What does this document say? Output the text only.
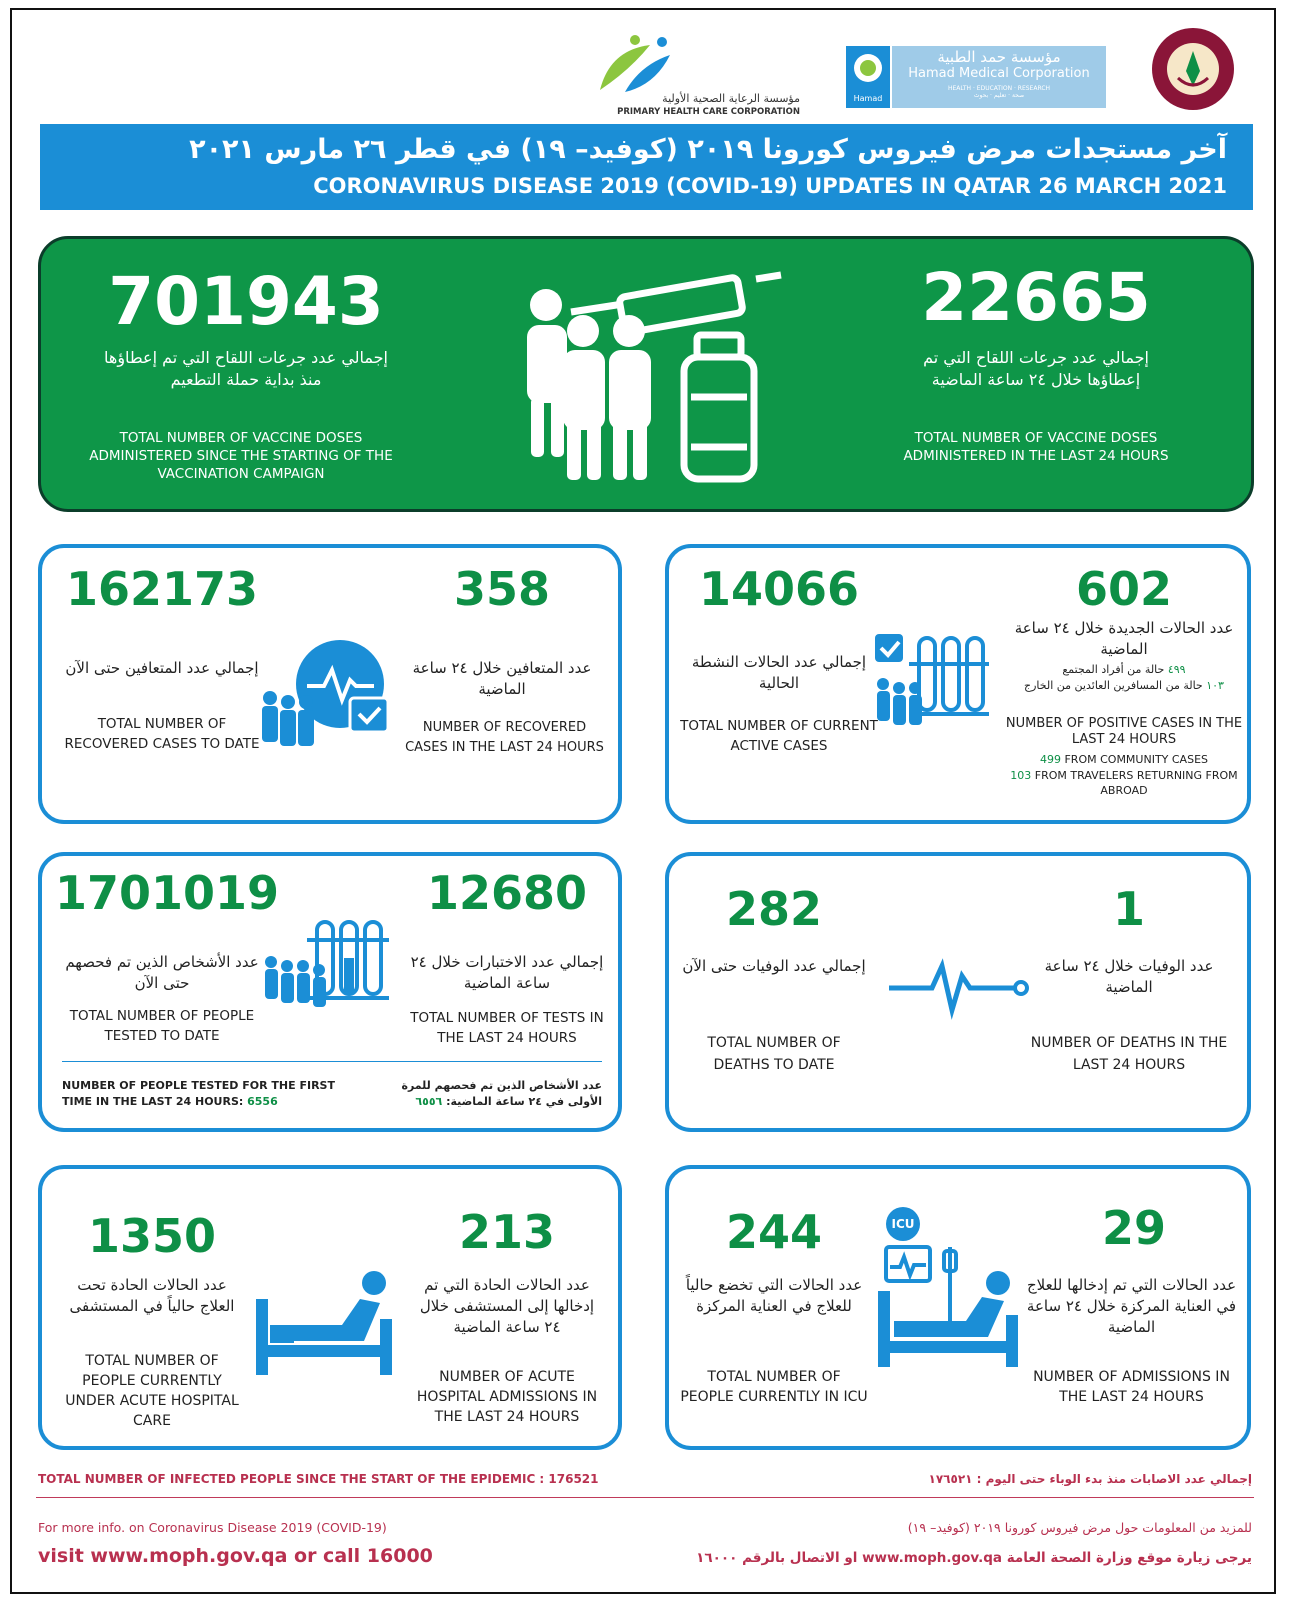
مؤسسة الرعاية الصحية الأولية
PRIMARY HEALTH CARE CORPORATION
Hamad
مؤسسة حمد الطبية
Hamad Medical Corporation
HEALTH · EDUCATION · RESEARCH
صحة · تعليم · بحوث
آخر مستجدات مرض فيروس كورونا ٢٠١٩ (كوفيد– ١٩) في قطر ٢٦ مارس ٢٠٢١
CORONAVIRUS DISEASE 2019 (COVID-19) UPDATES IN QATAR 26 MARCH 2021
701943
إجمالي عدد جرعات اللقاح التي تم إعطاؤها منذ بداية حملة التطعيم
TOTAL NUMBER OF VACCINE DOSES ADMINISTERED SINCE THE STARTING OF THE VACCINATION CAMPAIGN
22665
إجمالي عدد جرعات اللقاح التي تم إعطاؤها خلال ٢٤ ساعة الماضية
TOTAL NUMBER OF VACCINE DOSES ADMINISTERED IN THE LAST 24 HOURS
162173
إجمالي عدد المتعافين حتى الآن
TOTAL NUMBER OF RECOVERED CASES TO DATE
358
عدد المتعافين خلال ٢٤ ساعة الماضية
NUMBER OF RECOVERED CASES IN THE LAST 24 HOURS
14066
إجمالي عدد الحالات النشطة الحالية
TOTAL NUMBER OF CURRENT ACTIVE CASES
602
عدد الحالات الجديدة خلال ٢٤ ساعة الماضية
٤٩٩ حالة من أفراد المجتمع
١٠٣ حالة من المسافرين العائدين من الخارج
NUMBER OF POSITIVE CASES IN THE LAST 24 HOURS
499 FROM COMMUNITY CASES
103 FROM TRAVELERS RETURNING FROM ABROAD
1701019
عدد الأشخاص الذين تم فحصهم حتى الآن
TOTAL NUMBER OF PEOPLE TESTED TO DATE
12680
إجمالي عدد الاختبارات خلال ٢٤ ساعة الماضية
TOTAL NUMBER OF TESTS IN THE LAST 24 HOURS
NUMBER OF PEOPLE TESTED FOR THE FIRST TIME IN THE LAST 24 HOURS: 6556
عدد الأشخاص الذين تم فحصهم للمرة الأولى في ٢٤ ساعة الماضية: ٦٥٥٦
282
إجمالي عدد الوفيات حتى الآن
TOTAL NUMBER OF DEATHS TO DATE
1
عدد الوفيات خلال ٢٤ ساعة الماضية
NUMBER OF DEATHS IN THE LAST 24 HOURS
1350
عدد الحالات الحادة تحت العلاج حالياً في المستشفى
TOTAL NUMBER OF PEOPLE CURRENTLY UNDER ACUTE HOSPITAL CARE
213
عدد الحالات الحادة التي تم إدخالها إلى المستشفى خلال ٢٤ ساعة الماضية
NUMBER OF ACUTE HOSPITAL ADMISSIONS IN THE LAST 24 HOURS
244
عدد الحالات التي تخضع حالياً للعلاج في العناية المركزة
TOTAL NUMBER OF PEOPLE CURRENTLY IN ICU
29
عدد الحالات التي تم إدخالها للعلاج في العناية المركزة خلال ٢٤ ساعة الماضية
NUMBER OF ADMISSIONS IN THE LAST 24 HOURS
ICU
TOTAL NUMBER OF INFECTED PEOPLE SINCE THE START OF THE EPIDEMIC : 176521	إجمالي عدد الاصابات منذ بدء الوباء حتى اليوم : ١٧٦٥٢١
For more info. on Coronavirus Disease 2019 (COVID-19)
visit www.moph.gov.qa or call 16000
للمزيد من المعلومات حول مرض فيروس كورونا ٢٠١٩ (كوفيد– ١٩)
يرجى زيارة موقع وزارة الصحة العامة www.moph.gov.qa او الاتصال بالرقم ١٦٠٠٠
